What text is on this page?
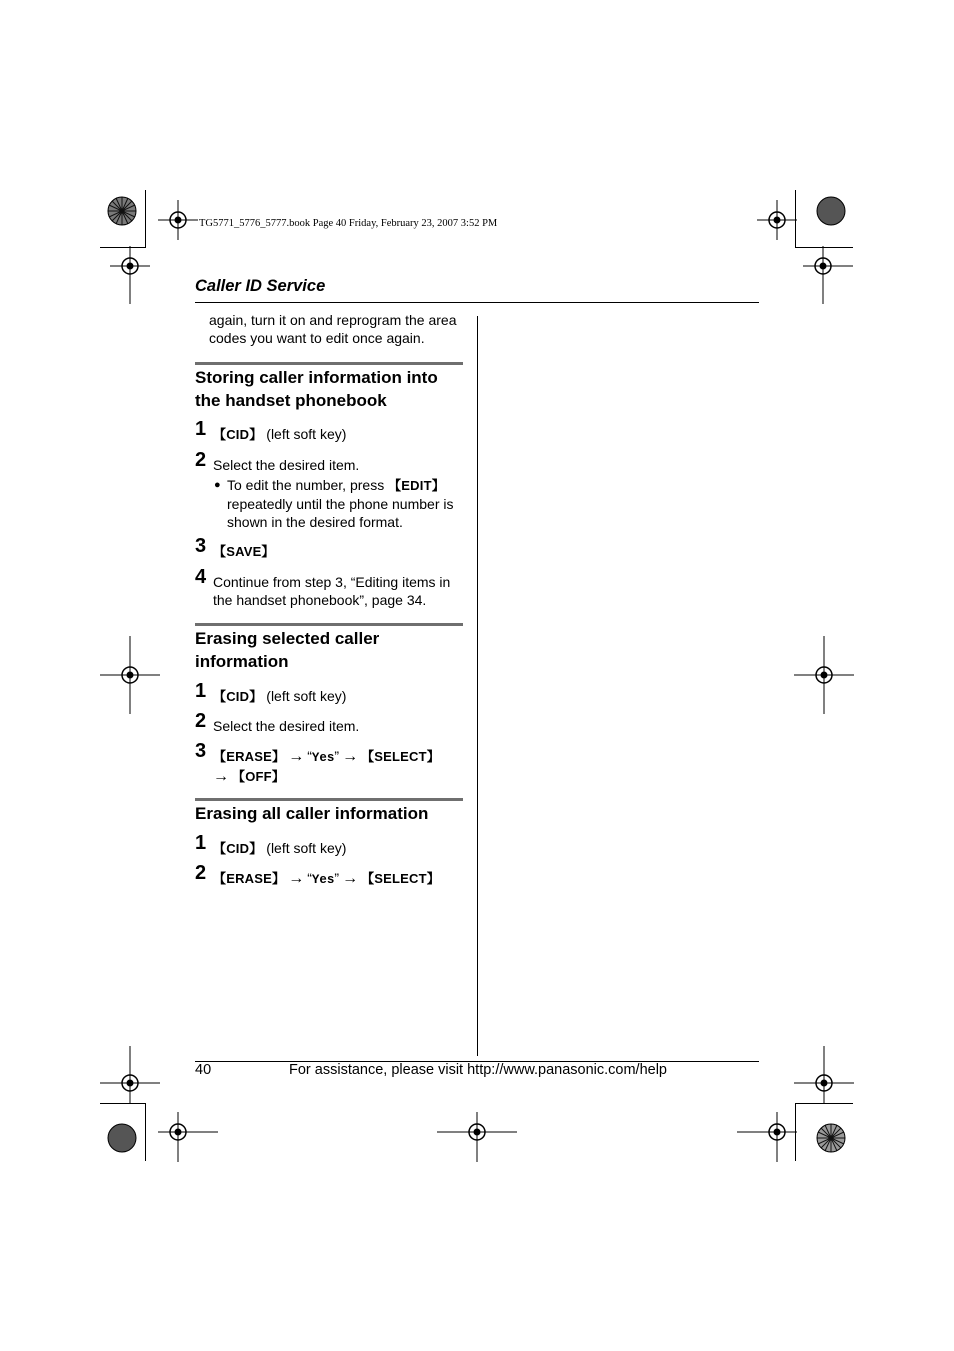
TG5771_5776_5777.book Page 40 Friday, February 23, 2007 3:52 PM
Caller ID Service
again, turn it on and reprogram the area
codes you want to edit once again.
Storing caller information into
the handset phonebook
1 【CID】 (left soft key)
2 Select the desired item.
● To edit the number, press 【EDIT】
repeatedly until the phone number is
shown in the desired format.
3 【SAVE】
4 Continue from step 3, “Editing items in
the handset phonebook”, page 34.
Erasing selected caller
information
1 【CID】 (left soft key)
2 Select the desired item.
3 【ERASE】 → “Yes” → 【SELECT】
→ 【OFF】
Erasing all caller information
1 【CID】 (left soft key)
2 【ERASE】 → “Yes” → 【SELECT】
40	For assistance, please visit http://www.panasonic.com/help
